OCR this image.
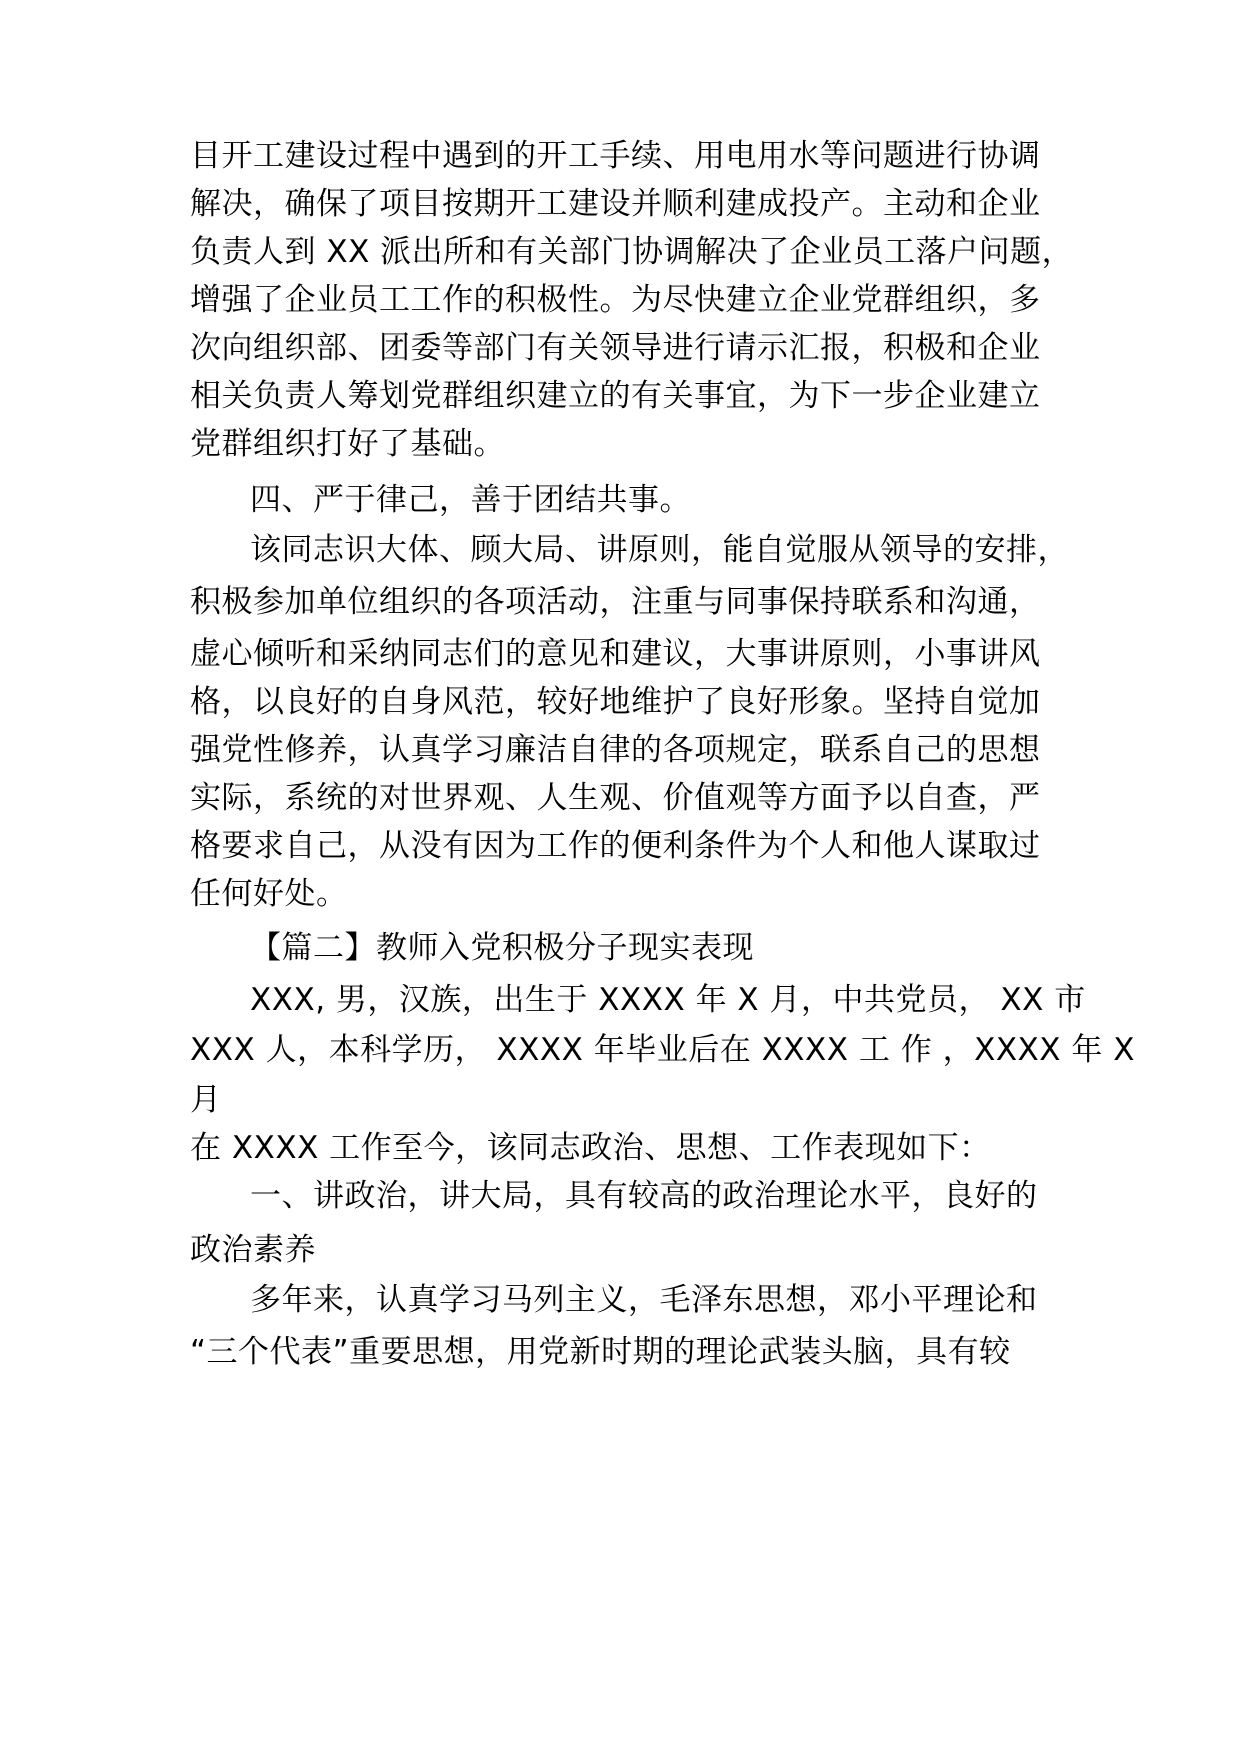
目开工建设过程中遇到的开工手续、用电用水等问题进行协调
解决，确保了项目按期开工建设并顺利建成投产。主动和企业
负责人到 XX 派出所和有关部门协调解决了企业员工落户问题，
增强了企业员工工作的积极性。为尽快建立企业党群组织，多
次向组织部、团委等部门有关领导进行请示汇报，积极和企业
相关负责人筹划党群组织建立的有关事宜，为下一步企业建立
党群组织打好了基础。
四、严于律己，善于团结共事。
该同志识大体、顾大局、讲原则，能自觉服从领导的安排，
积极参加单位组织的各项活动，注重与同事保持联系和沟通，
虚心倾听和采纳同志们的意见和建议，大事讲原则，小事讲风
格，以良好的自身风范，较好地维护了良好形象。坚持自觉加
强党性修养，认真学习廉洁自律的各项规定，联系自己的思想
实际，系统的对世界观、人生观、价值观等方面予以自查，严
格要求自己，从没有因为工作的便利条件为个人和他人谋取过
任何好处。
【篇二】教师入党积极分子现实表现
XXX, 男，汉族，出生于 XXXX 年 X 月，中共党员， XX 市
XXX 人，本科学历， XXXX 年毕业后在 XXXX 工 作 ，XXXX 年 X
月
在 XXXX 工作至今，该同志政治、思想、工作表现如下：
一、讲政治，讲大局，具有较高的政治理论水平，良好的
政治素养
多年来，认真学习马列主义，毛泽东思想，邓小平理论和
“三个代表”重要思想，用党新时期的理论武装头脑，具有较
